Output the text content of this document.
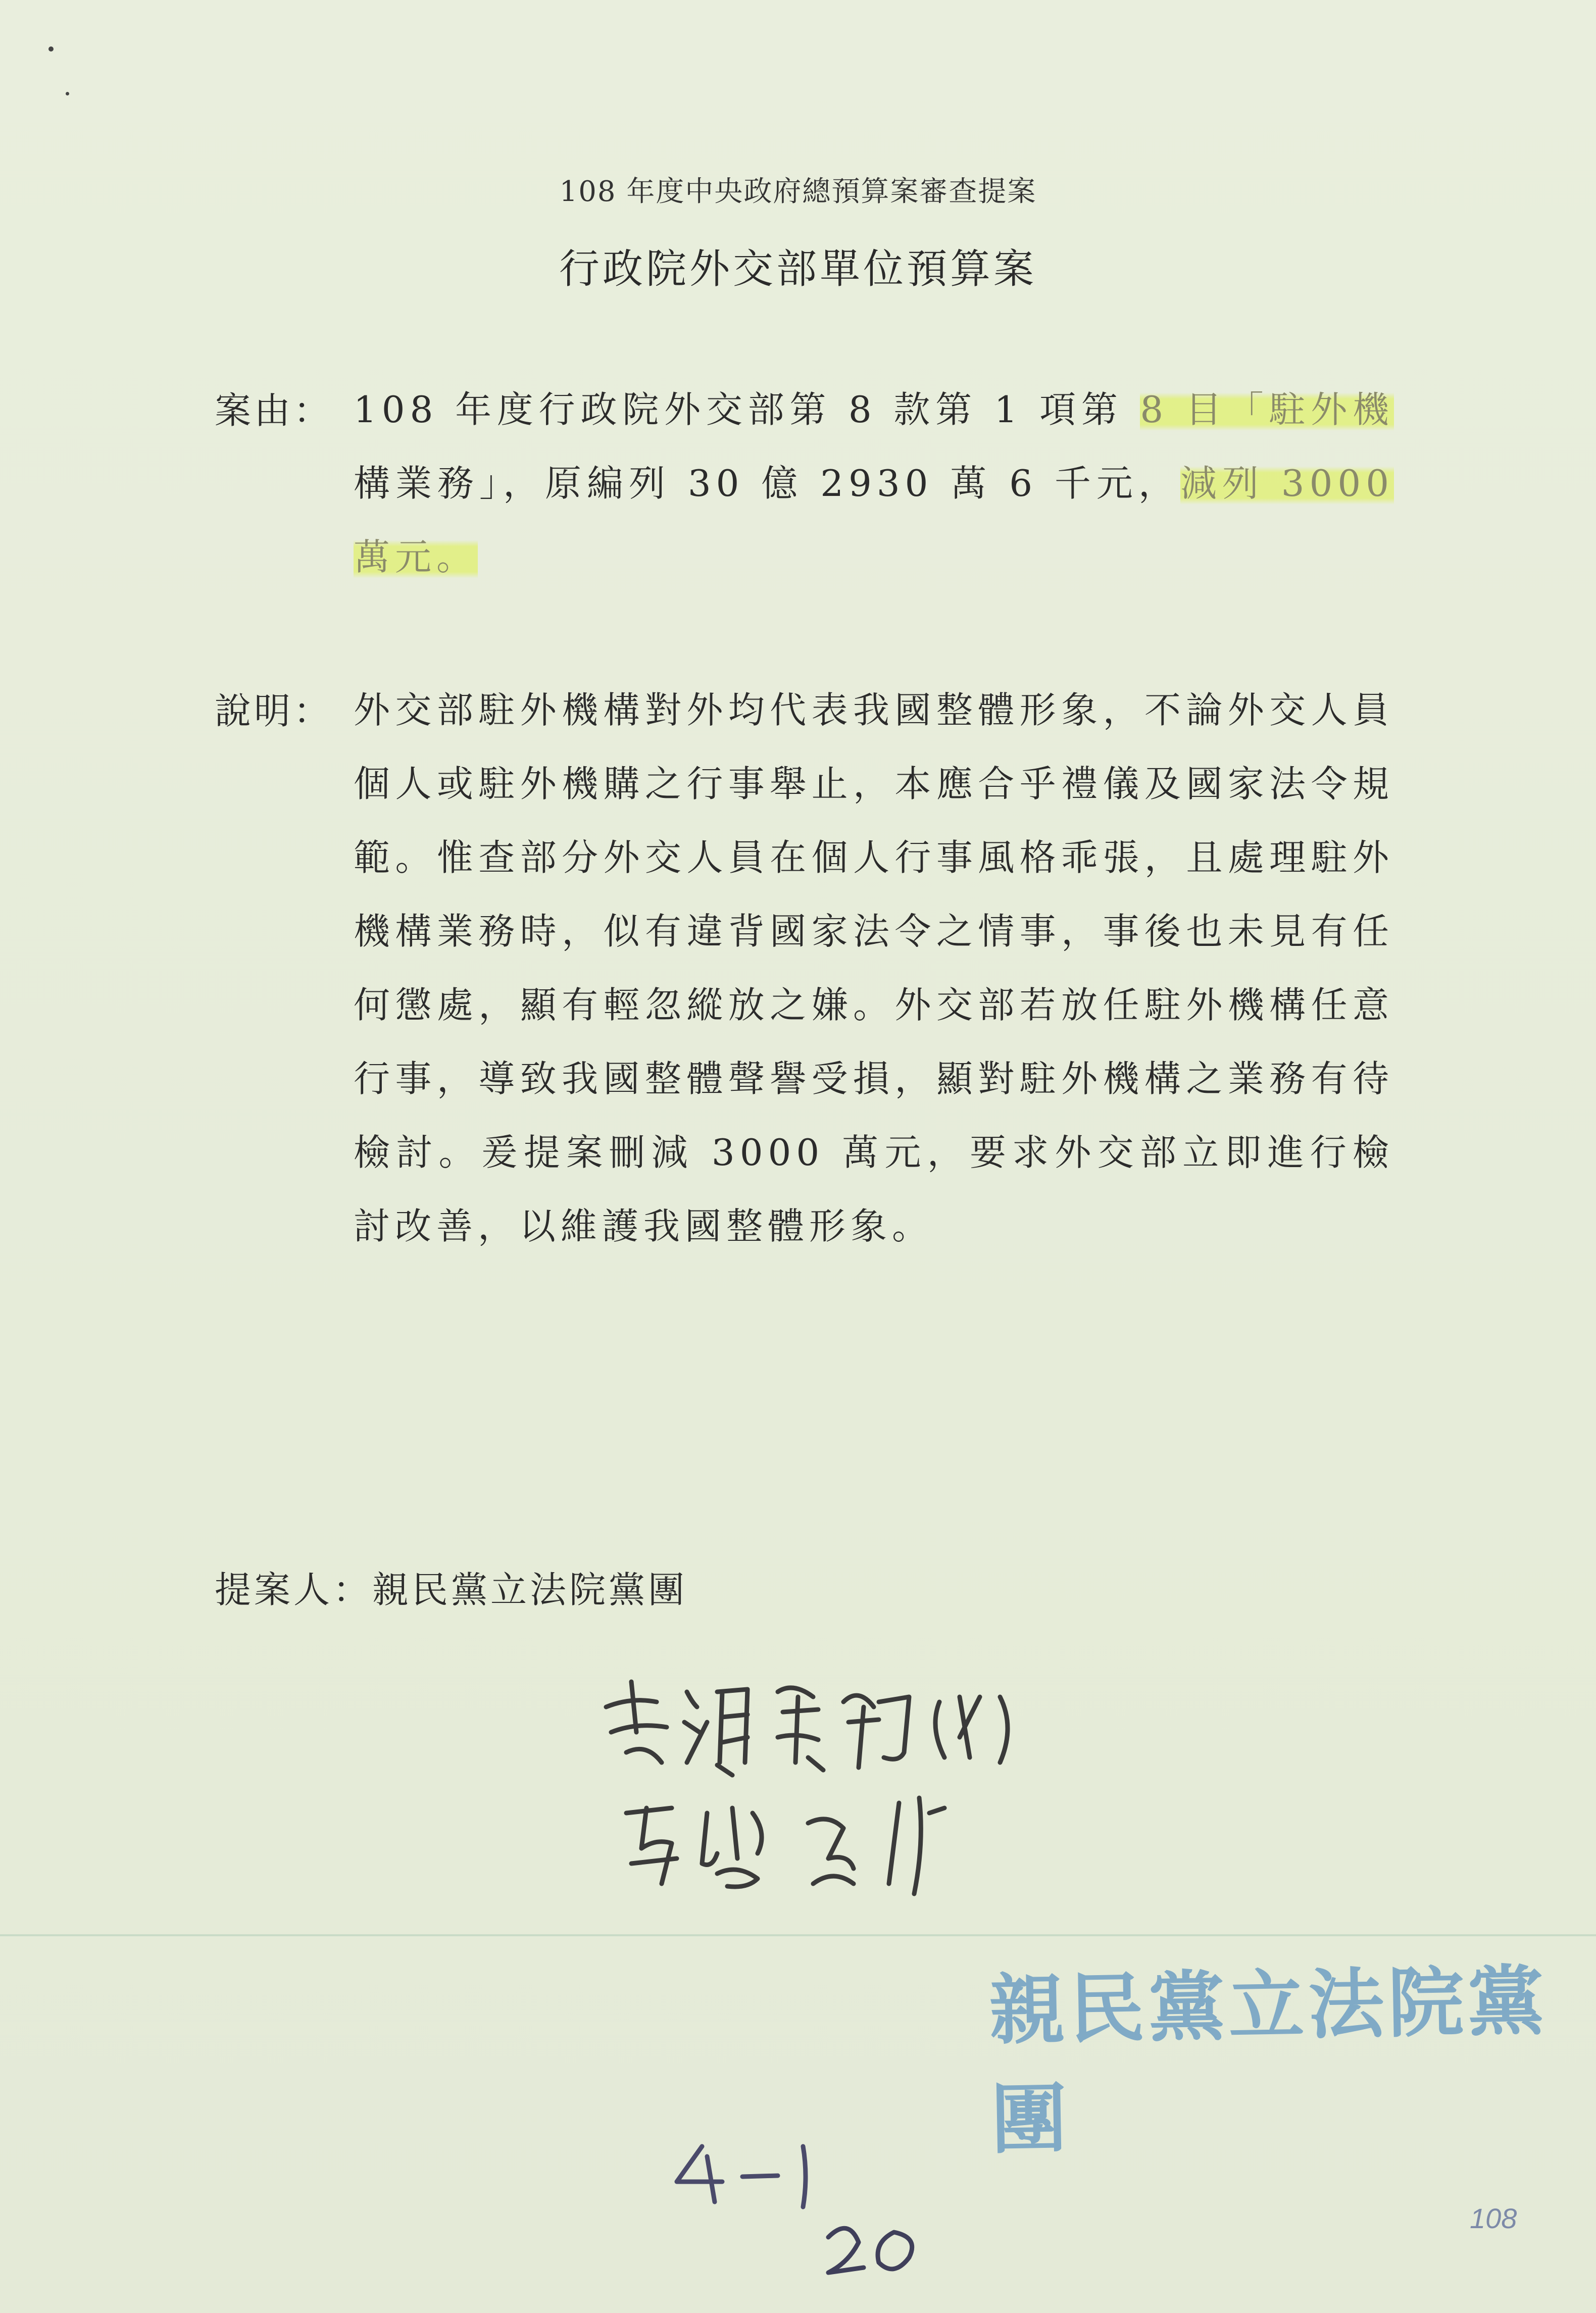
108 年度中央政府總預算案審查提案
行政院外交部單位預算案
案由： 108 年度行政院外交部第 8 款第 1 項第 8 目「駐外機構業務」，原編列 30 億 2930 萬 6 千元，減列 3000 萬元。

說明： 外交部駐外機構對外均代表我國整體形象，不論外交人員個人或駐外機購之行事舉止，本應合乎禮儀及國家法令規範。惟查部分外交人員在個人行事風格乖張，且處理駐外機構業務時，似有違背國家法令之情事，事後也未見有任何懲處，顯有輕忽縱放之嫌。外交部若放任駐外機構任意行事，導致我國整體聲譽受損，顯對駐外機構之業務有待檢討。爰提案刪減 3000 萬元，要求外交部立即進行檢討改善，以維護我國整體形象。

提案人：親民黨立法院黨團
親民黨立法院黨團
108
